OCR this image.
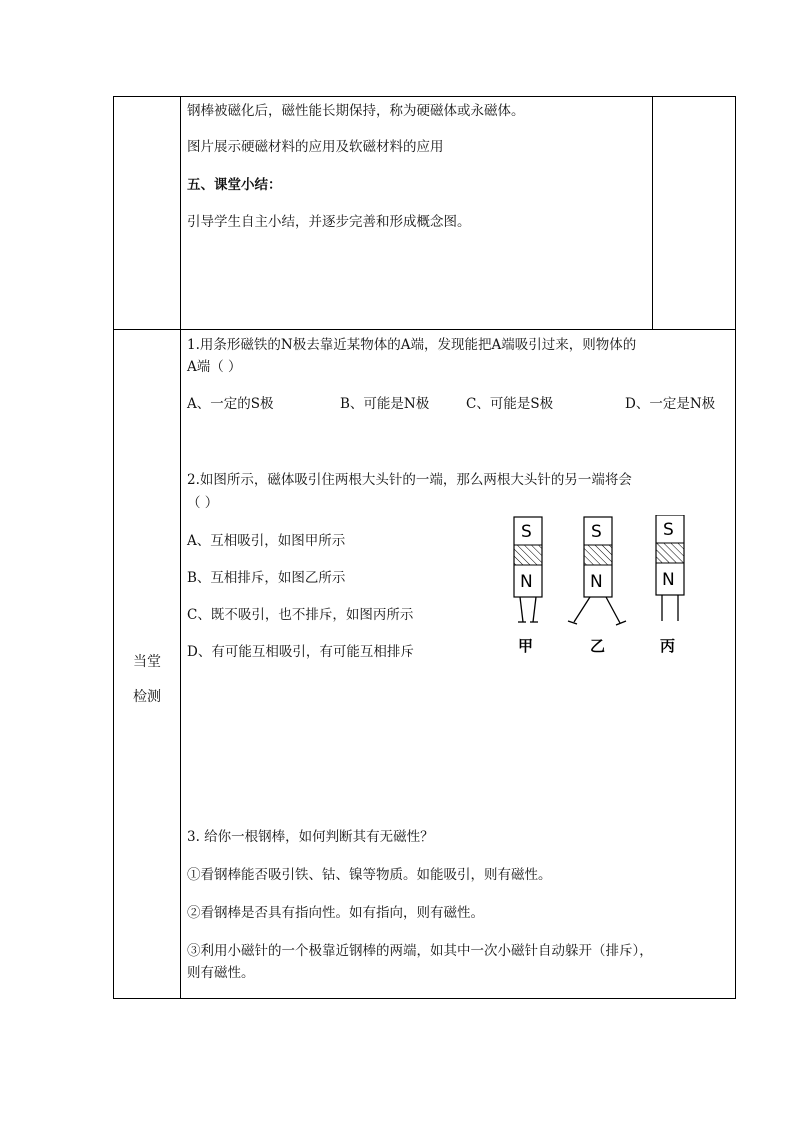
钢棒被磁化后，磁性能长期保持，称为硬磁体或永磁体。
图片展示硬磁材料的应用及软磁材料的应用
五、课堂小结：
引导学生自主小结，并逐步完善和形成概念图。
当堂
检测
1.用条形磁铁的N极去靠近某物体的A端，发现能把A端吸引过来，则物体的
A端（ ）
A、一定的S极	B、可能是N极	C、可能是S极	D、一定是N极
2.如图所示，磁体吸引住两根大头针的一端，那么两根大头针的另一端将会
（ ）
A、互相吸引，如图甲所示
B、互相排斥，如图乙所示
C、既不吸引，也不排斥，如图丙所示
D、有可能互相吸引，有可能互相排斥
S
N
甲
S
N
乙
S
N
丙
3. 给你一根钢棒，如何判断其有无磁性？
①看钢棒能否吸引铁、钴、镍等物质。如能吸引，则有磁性。
②看钢棒是否具有指向性。如有指向，则有磁性。
③利用小磁针的一个极靠近钢棒的两端，如其中一次小磁针自动躲开（排斥），
则有磁性。
